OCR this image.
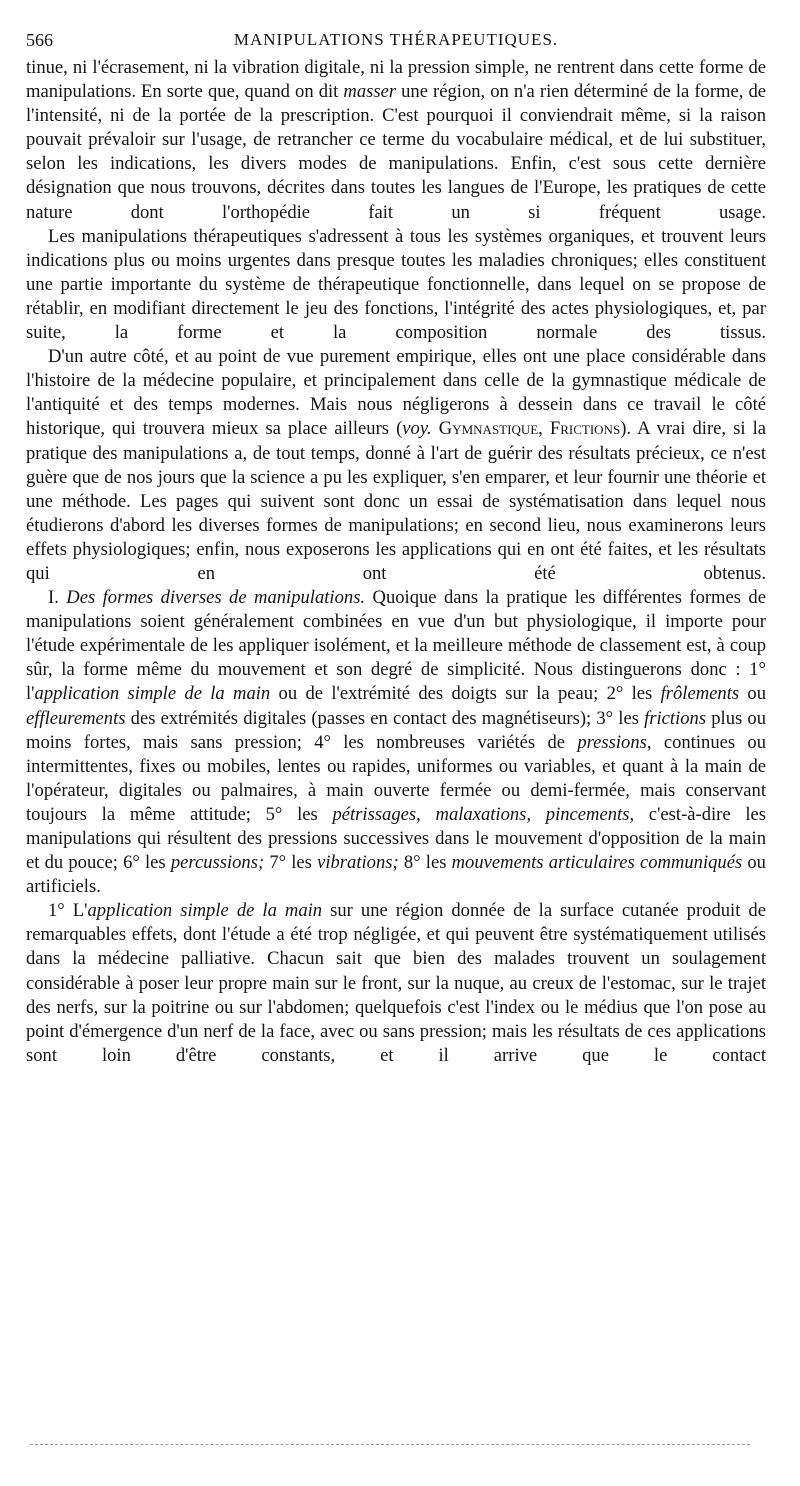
566	MANIPULATIONS THÉRAPEUTIQUES.

tinue, ni l'écrasement, ni la vibration digitale, ni la pression simple, ne rentrent dans cette forme de manipulations. En sorte que, quand on dit masser une région, on n'a rien déterminé de la forme, de l'intensité, ni de la portée de la prescription. C'est pourquoi il conviendrait même, si la raison pouvait prévaloir sur l'usage, de retrancher ce terme du vocabulaire médical, et de lui substituer, selon les indications, les divers modes de manipulations. Enfin, c'est sous cette dernière désignation que nous trouvons, décrites dans toutes les langues de l'Europe, les pratiques de cette nature dont l'orthopédie fait un si fréquent usage.

Les manipulations thérapeutiques s'adressent à tous les systèmes organiques, et trouvent leurs indications plus ou moins urgentes dans presque toutes les maladies chroniques; elles constituent une partie importante du système de thérapeutique fonctionnelle, dans lequel on se propose de rétablir, en modifiant directement le jeu des fonctions, l'intégrité des actes physiologiques, et, par suite, la forme et la composition normale des tissus.

D'un autre côté, et au point de vue purement empirique, elles ont une place considérable dans l'histoire de la médecine populaire, et principalement dans celle de la gymnastique médicale de l'antiquité et des temps modernes. Mais nous négligerons à dessein dans ce travail le côté historique, qui trouvera mieux sa place ailleurs (voy. Gymnastique, Frictions). A vrai dire, si la pratique des manipulations a, de tout temps, donné à l'art de guérir des résultats précieux, ce n'est guère que de nos jours que la science a pu les expliquer, s'en emparer, et leur fournir une théorie et une méthode. Les pages qui suivent sont donc un essai de systématisation dans lequel nous étudierons d'abord les diverses formes de manipulations; en second lieu, nous examinerons leurs effets physiologiques; enfin, nous exposerons les applications qui en ont été faites, et les résultats qui en ont été obtenus.

I. Des formes diverses de manipulations. Quoique dans la pratique les différentes formes de manipulations soient généralement combinées en vue d'un but physiologique, il importe pour l'étude expérimentale de les appliquer isolément, et la meilleure méthode de classement est, à coup sûr, la forme même du mouvement et son degré de simplicité. Nous distinguerons donc : 1° l'application simple de la main ou de l'extrémité des doigts sur la peau; 2° les frôlements ou effleurements des extrémités digitales (passes en contact des magnétiseurs); 3° les frictions plus ou moins fortes, mais sans pression; 4° les nombreuses variétés de pressions, continues ou intermittentes, fixes ou mobiles, lentes ou rapides, uniformes ou variables, et quant à la main de l'opérateur, digitales ou palmaires, à main ouverte fermée ou demi-fermée, mais conservant toujours la même attitude; 5° les pétrissages, malaxations, pincements, c'est-à-dire les manipulations qui résultent des pressions successives dans le mouvement d'opposition de la main et du pouce; 6° les percussions; 7° les vibrations; 8° les mouvements articulaires communiqués ou artificiels.

1° L'application simple de la main sur une région donnée de la surface cutanée produit de remarquables effets, dont l'étude a été trop négligée, et qui peuvent être systématiquement utilisés dans la médecine palliative. Chacun sait que bien des malades trouvent un soulagement considérable à poser leur propre main sur le front, sur la nuque, au creux de l'estomac, sur le trajet des nerfs, sur la poitrine ou sur l'abdomen; quelquefois c'est l'index ou le médius que l'on pose au point d'émergence d'un nerf de la face, avec ou sans pression; mais les résultats de ces applications sont loin d'être constants, et il arrive que le contact
